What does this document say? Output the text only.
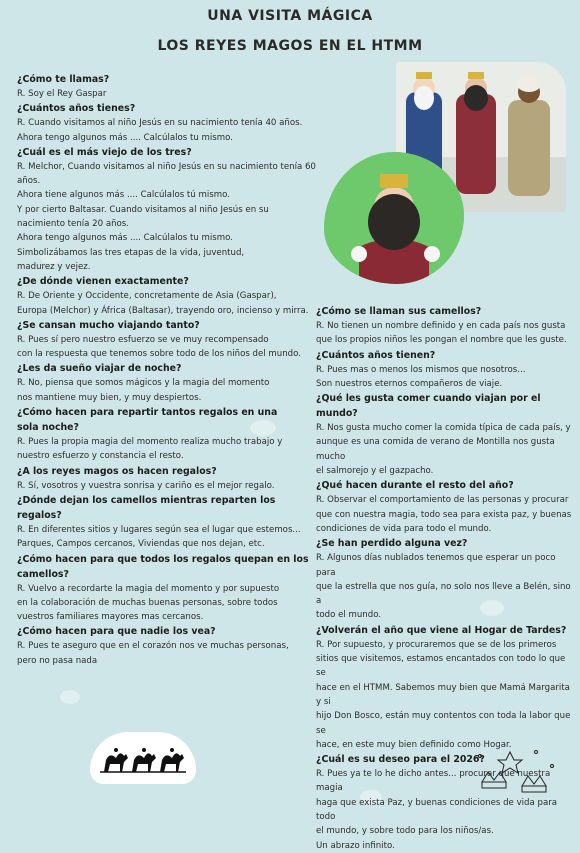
UNA VISITA MÁGICA
LOS REYES MAGOS EN EL HTMM
¿Cómo te llamas?
R. Soy el Rey Gaspar
¿Cuántos años tienes?
R. Cuando visitamos al niño Jesús en su nacimiento tenía 40 años.
Ahora tengo algunos más .... Calcúlalos tu mismo.
¿Cuál es el más viejo de los tres?
R. Melchor, Cuando visitamos al niño Jesús en su nacimiento tenía 60 años.
Ahora tiene algunos más .... Calcúlalos tú mismo.
Y por cierto Baltasar. Cuando visitamos al niño Jesús en su
nacimiento tenía 20 años.
Ahora tengo algunos más .... Calcúlalos tu mismo.
Simbolizábamos las tres etapas de la vida, juventud,
madurez y vejez.
¿De dónde vienen exactamente?
R. De Oriente y Occidente, concretamente de Asia (Gaspar),
Europa (Melchor) y África (Baltasar), trayendo oro, incienso y mirra.
¿Se cansan mucho viajando tanto?
R. Pues sí pero nuestro esfuerzo se ve muy recompensado
con la respuesta que tenemos sobre todo de los niños del mundo.
¿Les da sueño viajar de noche?
R. No, piensa que somos mágicos y la magia del momento
nos mantiene muy bien, y muy despiertos.
¿Cómo hacen para repartir tantos regalos en una
sola noche?
R. Pues la propia magia del momento realiza mucho trabajo y
nuestro esfuerzo y constancia el resto.
¿A los reyes magos os hacen regalos?
R. Sí, vosotros y vuestra sonrisa y cariño es el mejor regalo.
¿Dónde dejan los camellos mientras reparten los
regalos?
R. En diferentes sitios y lugares según sea el lugar que estemos...
Parques, Campos cercanos, Viviendas que nos dejan, etc.
¿Cómo hacen para que todos los regalos quepan en los
camellos?
R. Vuelvo a recordarte la magia del momento y por supuesto
en la colaboración de muchas buenas personas, sobre todos
vuestros familiares mayores mas cercanos.
¿Cómo hacen para que nadie los vea?
R. Pues te aseguro que en el corazón nos ve muchas personas,
pero no pasa nada
¿Cómo se llaman sus camellos?
R. No tienen un nombre definido y en cada país nos gusta
que los propios niños les pongan el nombre que les guste.
¿Cuántos años tienen?
R. Pues mas o menos los mismos que nosotros...
Son nuestros eternos compañeros de viaje.
¿Qué les gusta comer cuando viajan por el mundo?
R. Nos gusta mucho comer la comida típica de cada país, y
aunque es una comida de verano de Montilla nos gusta mucho
el salmorejo y el gazpacho.
¿Qué hacen durante el resto del año?
R. Observar el comportamiento de las personas y procurar
que con nuestra magia, todo sea para exista paz, y buenas
condiciones de vida para todo el mundo.
¿Se han perdido alguna vez?
R. Algunos días nublados tenemos que esperar un poco para
que la estrella que nos guía, no solo nos lleve a Belén, sino a
todo el mundo.
¿Volverán el año que viene al Hogar de Tardes?
R. Por supuesto, y procuraremos que se de los primeros
sitios que visitemos, estamos encantados con todo lo que se
hace en el HTMM. Sabemos muy bien que Mamá Margarita y si
hijo Don Bosco, están muy contentos con toda la labor que se
hace, en este muy bien definido como Hogar.
¿Cuál es su deseo para el 2026?
R. Pues ya te lo he dicho antes... procurar que nuestra magia
haga que exista Paz, y buenas condiciones de vida para todo
el mundo, y sobre todo para los niños/as.
Un abrazo infinito.
